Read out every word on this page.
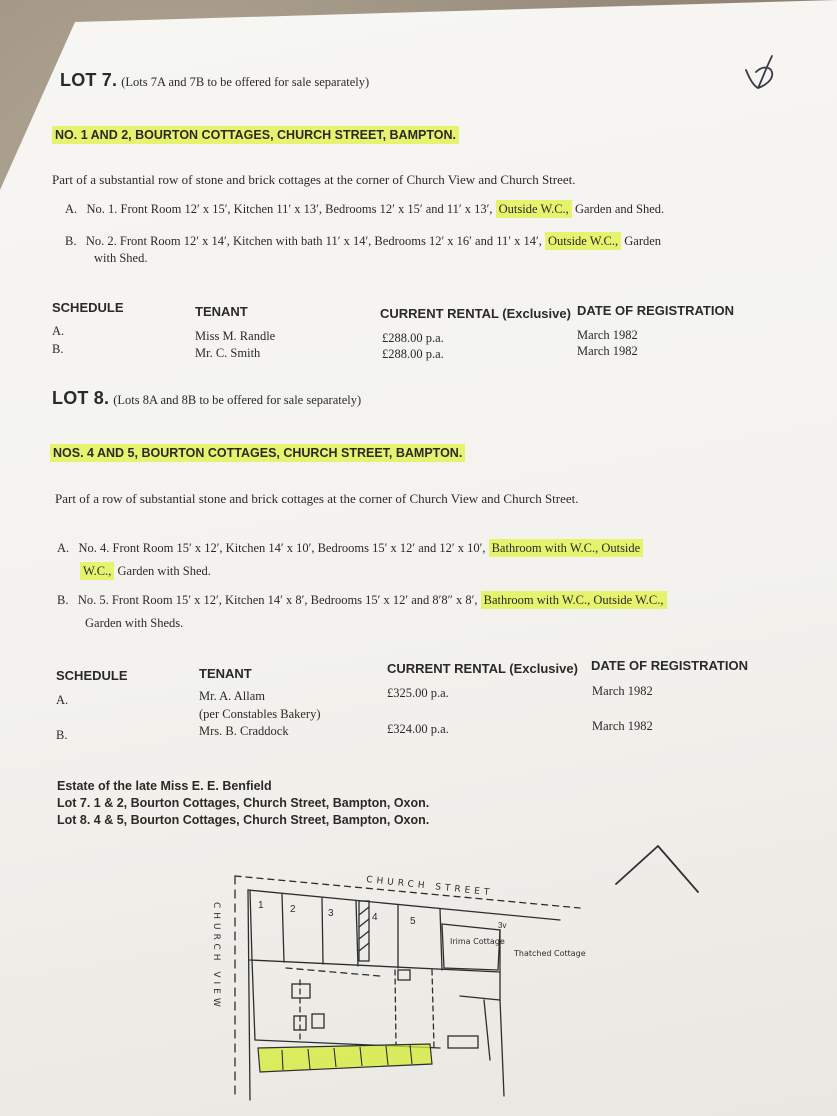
LOT 7. (Lots 7A and 7B to be offered for sale separately)
NO. 1 AND 2, BOURTON COTTAGES, CHURCH STREET, BAMPTON.
Part of a substantial row of stone and brick cottages at the corner of Church View and Church Street.
A. No. 1. Front Room 12′ x 15′, Kitchen 11′ x 13′, Bedrooms 12′ x 15′ and 11′ x 13′, Outside W.C., Garden and Shed.
B. No. 2. Front Room 12′ x 14′, Kitchen with bath 11′ x 14′, Bedrooms 12′ x 16′ and 11′ x 14′, Outside W.C., Garden
with Shed.
SCHEDULE	TENANT	CURRENT RENTAL (Exclusive) DATE OF REGISTRATION
A.	Miss M. Randle	£288.00 p.a.	March 1982
B.	Mr. C. Smith	£288.00 p.a.	March 1982
LOT 8. (Lots 8A and 8B to be offered for sale separately)
NOS. 4 AND 5, BOURTON COTTAGES, CHURCH STREET, BAMPTON.
Part of a row of substantial stone and brick cottages at the corner of Church View and Church Street.
A. No. 4. Front Room 15′ x 12′, Kitchen 14′ x 10′, Bedrooms 15′ x 12′ and 12′ x 10′, Bathroom with W.C., Outside
W.C., Garden with Shed.
B. No. 5. Front Room 15′ x 12′, Kitchen 14′ x 8′, Bedrooms 15′ x 12′ and 8′8″ x 8′, Bathroom with W.C., Outside W.C.,
Garden with Sheds.
SCHEDULE	TENANT	CURRENT RENTAL (Exclusive) DATE OF REGISTRATION
A.	Mr. A. Allam
(per Constables Bakery)
£325.00 p.a.	March 1982
B.	Mrs. B. Craddock	£324.00 p.a.	March 1982
Estate of the late Miss E. E. Benfield
Lot 7. 1 & 2, Bourton Cottages, Church Street, Bampton, Oxon.
Lot 8. 4 & 5, Bourton Cottages, Church Street, Bampton, Oxon.
1	2	3	4	5	3v
CHURCH STREET
CHURCH VIEW	Irima Cottage
Thatched Cottage
